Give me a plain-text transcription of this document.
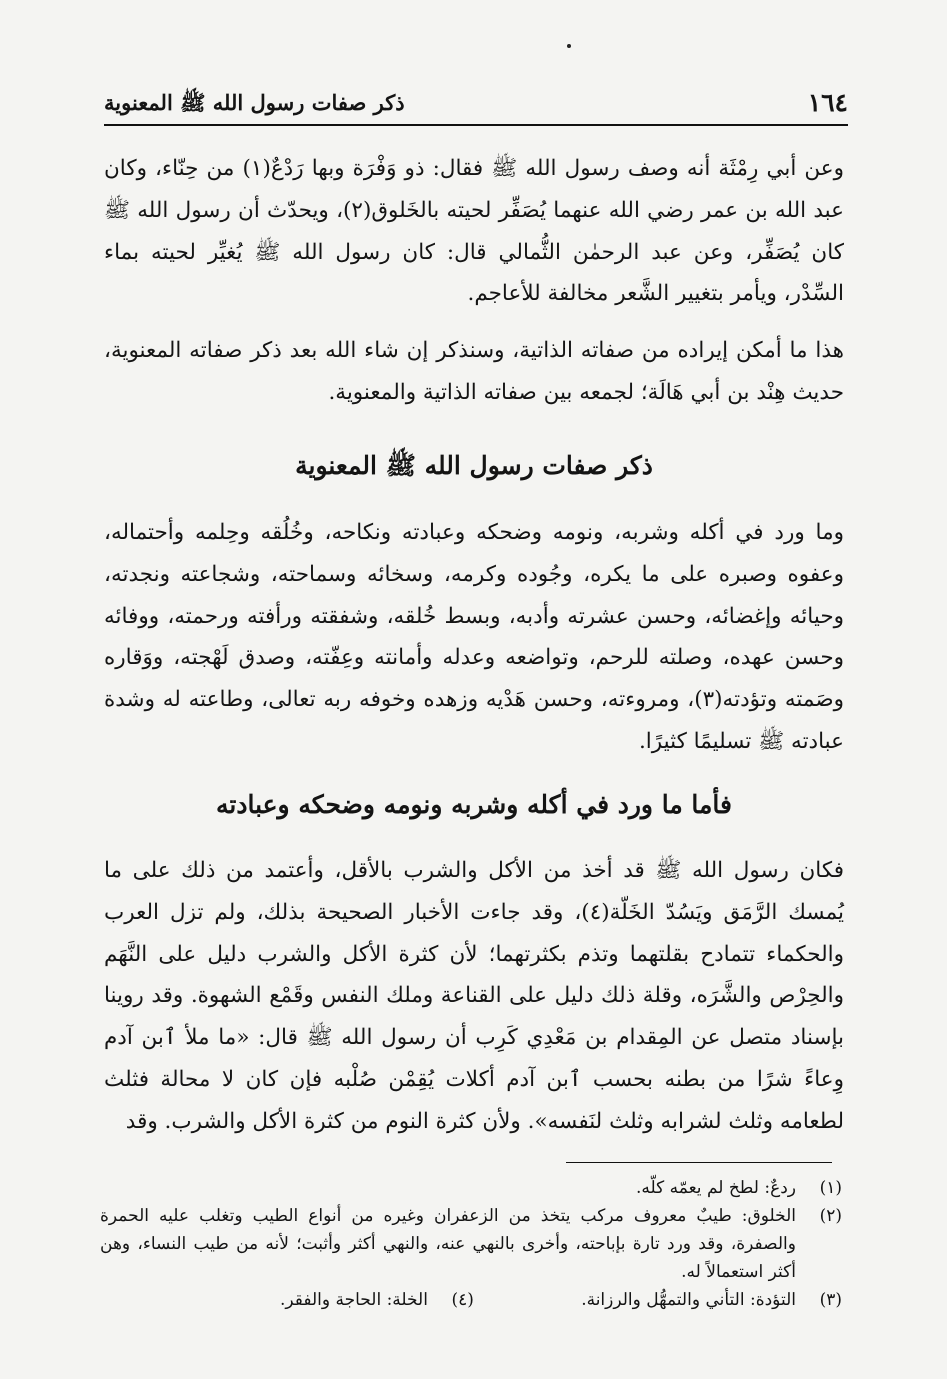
١٦٤
ذكر صفات رسول الله ﷺ المعنوية
وعن أبي رِمْثَة أنه وصف رسول الله ﷺ فقال: ذو وَفْرَة وبها رَدْعٌ(١) من حِنّاء، وكان عبد الله بن عمر رضي الله عنهما يُصَفِّر لحيته بالخَلوق(٢)، ويحدّث أن رسول الله ﷺ كان يُصَفِّر، وعن عبد الرحمٰن الثُّمالي قال: كان رسول الله ﷺ يُغيِّر لحيته بماء السِّدْر، ويأمر بتغيير الشَّعر مخالفة للأعاجم.
هذا ما أمكن إيراده من صفاته الذاتية، وسنذكر إن شاء الله بعد ذكر صفاته المعنوية، حديث هِنْد بن أبي هَالَة؛ لجمعه بين صفاته الذاتية والمعنوية.
ذكر صفات رسول الله ﷺ المعنوية
وما ورد في أكله وشربه، ونومه وضحكه وعبادته ونكاحه، وخُلُقه وحِلمه وأحتماله، وعفوه وصبره على ما يكره، وجُوده وكرمه، وسخائه وسماحته، وشجاعته ونجدته، وحيائه وإغضائه، وحسن عشرته وأدبه، وبسط خُلقه، وشفقته ورأفته ورحمته، ووفائه وحسن عهده، وصلته للرحم، وتواضعه وعدله وأمانته وعِفّته، وصدق لَهْجته، ووَقاره وصَمته وتؤدته(٣)، ومروءته، وحسن هَدْيه وزهده وخوفه ربه تعالى، وطاعته له وشدة عبادته ﷺ تسليمًا كثيرًا.
فأما ما ورد في أكله وشربه ونومه وضحكه وعبادته
فكان رسول الله ﷺ قد أخذ من الأكل والشرب بالأقل، وأعتمد من ذلك على ما يُمسك الرَّمَق ويَسُدّ الخَلّة(٤)، وقد جاءت الأخبار الصحيحة بذلك، ولم تزل العرب والحكماء تتمادح بقلتهما وتذم بكثرتهما؛ لأن كثرة الأكل والشرب دليل على النَّهَم والحِرْص والشَّرَه، وقلة ذلك دليل على القناعة وملك النفس وقَمْع الشهوة. وقد روينا بإسناد متصل عن المِقدام بن مَعْدِي كَرِب أن رسول الله ﷺ قال: «ما ملأ ٱبن آدم وِعاءً شرًا من بطنه بحسب ٱبن آدم أكلات يُقِمْن صُلْبه فإن كان لا محالة فثلث لطعامه وثلث لشرابه وثلث لنَفسه». ولأن كثرة النوم من كثرة الأكل والشرب. وقد
(١)
ردعٌ: لطخ لم يعمّه كلّه.
(٢)
الخلوق: طيبٌ معروف مركب يتخذ من الزعفران وغيره من أنواع الطيب وتغلب عليه الحمرة والصفرة، وقد ورد تارة بإباحته، وأخرى بالنهي عنه، والنهي أكثر وأثبت؛ لأنه من طيب النساء، وهن أكثر استعمالاً له.
(٣)
التؤدة: التأني والتمهُّل والرزانة.
(٤)
الخلة: الحاجة والفقر.
